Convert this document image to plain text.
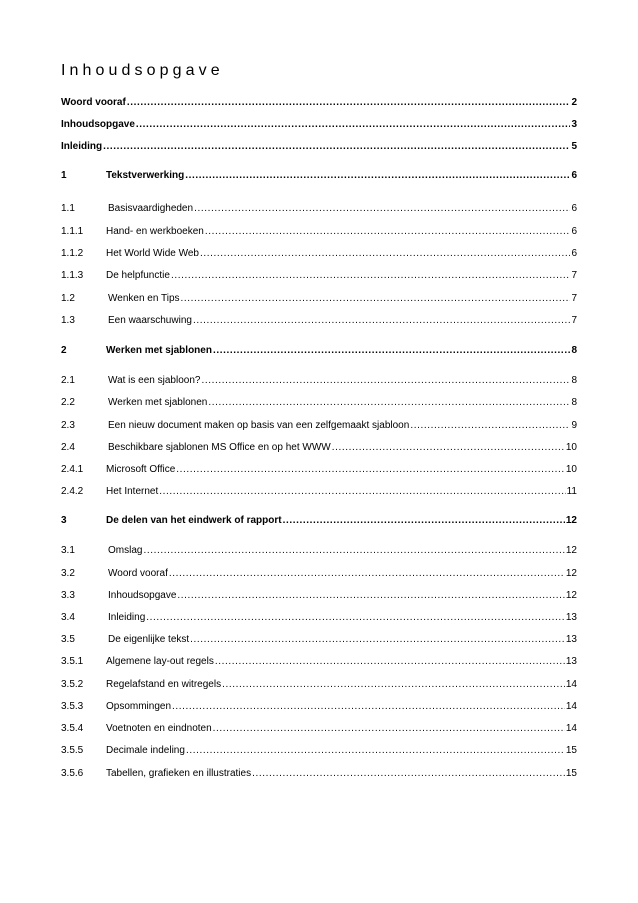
Inhoudsopgave
Woord vooraf .....	2
Inhoudsopgave .....	3
Inleiding .....	5
1	Tekstverwerking .....	6
1.1	Basisvaardigheden .....	6
1.1.1	Hand- en werkboeken .....	6
1.1.2	Het World Wide Web .....	6
1.1.3	De helpfunctie .....	7
1.2	Wenken en Tips .....	7
1.3	Een waarschuwing .....	7
2	Werken met sjablonen .....	8
2.1	Wat is een sjabloon? .....	8
2.2	Werken met sjablonen .....	8
2.3	Een nieuw document maken op basis van een zelfgemaakt sjabloon .....	9
2.4	Beschikbare sjablonen MS Office en op het WWW .....	10
2.4.1	Microsoft Office .....	10
2.4.2	Het Internet .....	11
3	De delen van het eindwerk of rapport .....	12
3.1	Omslag .....	12
3.2	Woord vooraf .....	12
3.3	Inhoudsopgave .....	12
3.4	Inleiding .....	13
3.5	De eigenlijke tekst .....	13
3.5.1	Algemene lay-out regels .....	13
3.5.2	Regelafstand en witregels .....	14
3.5.3	Opsommingen .....	14
3.5.4	Voetnoten en eindnoten .....	14
3.5.5	Decimale indeling .....	15
3.5.6	Tabellen, grafieken en illustraties .....	15
